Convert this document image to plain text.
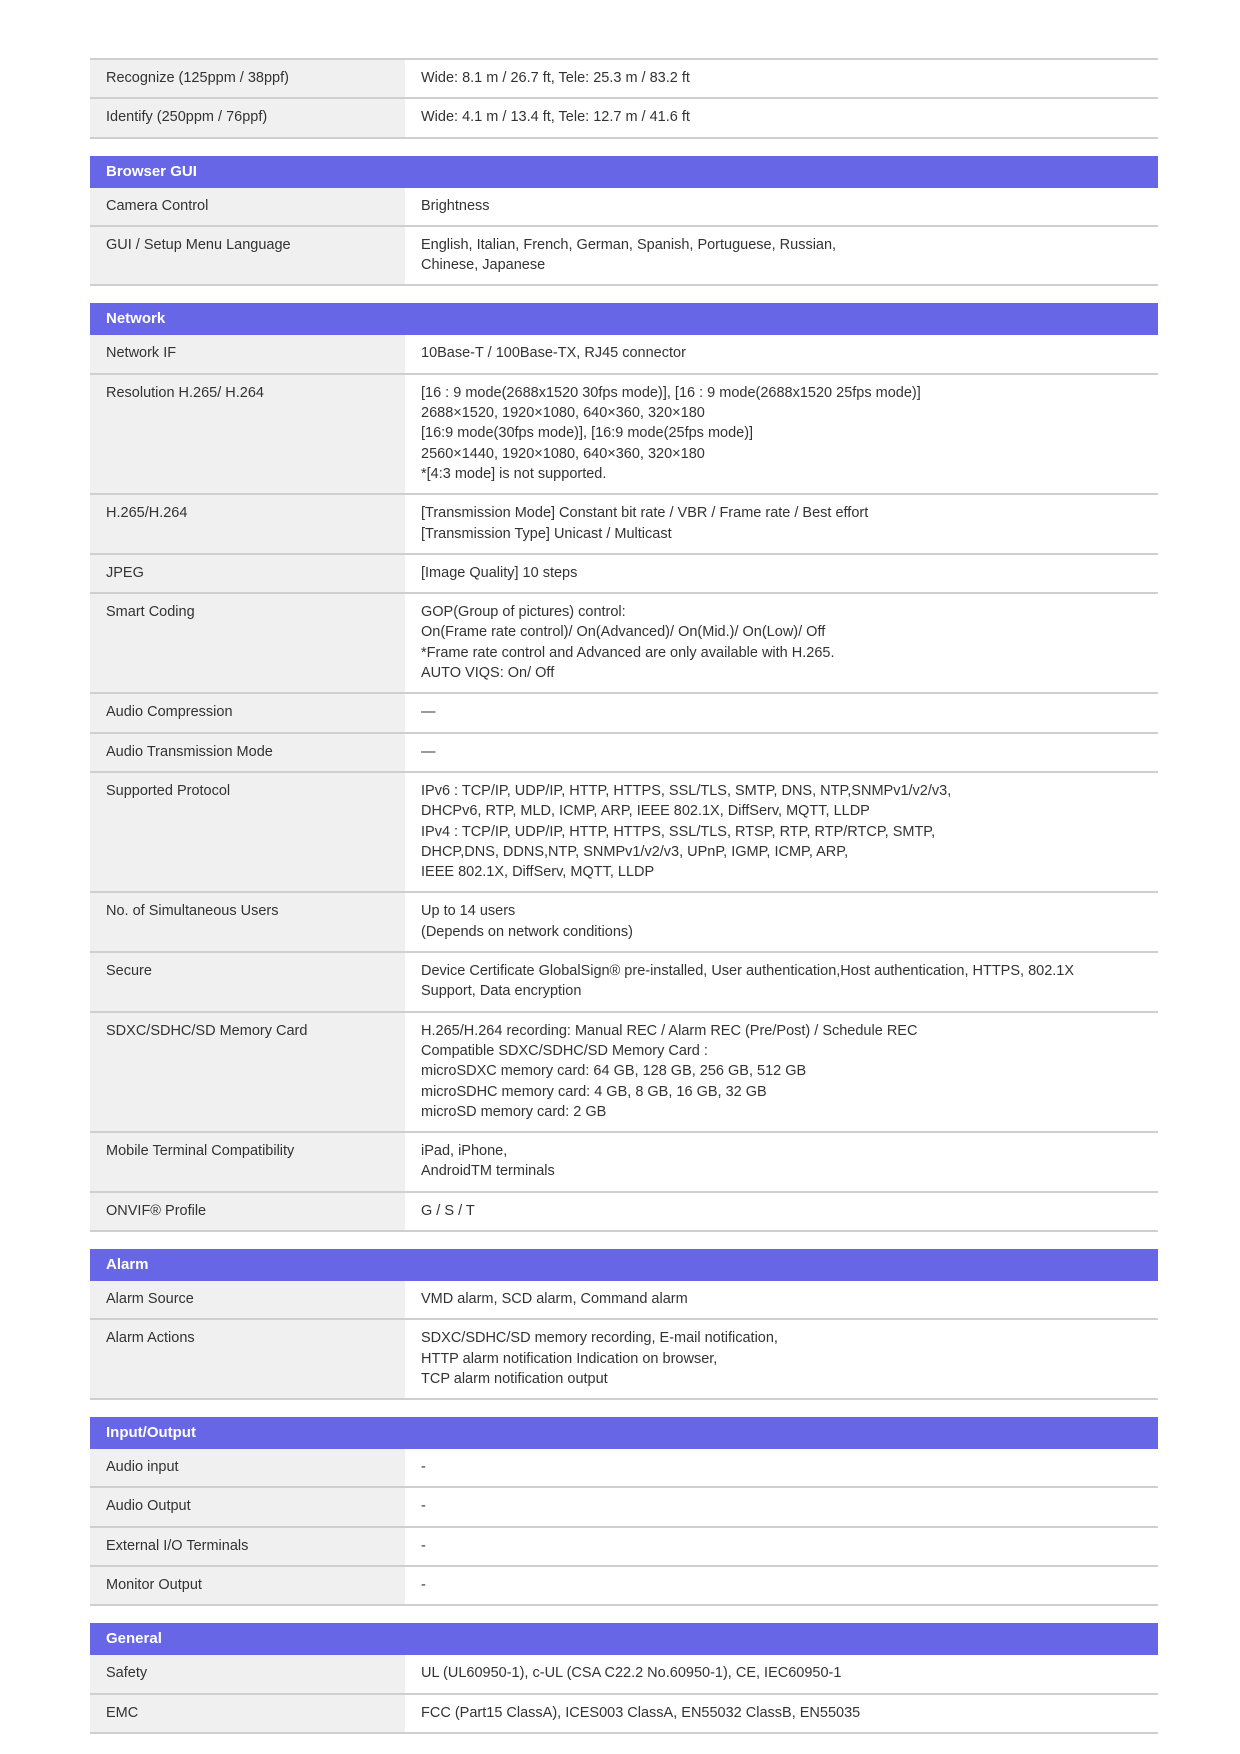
Recognize (125ppm / 38ppf)	Wide: 8.1 m / 26.7 ft, Tele: 25.3 m / 83.2 ft
Identify (250ppm / 76ppf)	Wide: 4.1 m / 13.4 ft, Tele: 12.7 m / 41.6 ft
Browser GUI
Camera Control	Brightness
GUI / Setup Menu Language	English, Italian, French, German, Spanish, Portuguese, Russian,
Chinese, Japanese
Network
Network IF	10Base-T / 100Base-TX, RJ45 connector
Resolution H.265/ H.264	[16 : 9 mode(2688x1520 30fps mode)], [16 : 9 mode(2688x1520 25fps mode)]
2688×1520, 1920×1080, 640×360, 320×180
[16:9 mode(30fps mode)], [16:9 mode(25fps mode)]
2560×1440, 1920×1080, 640×360, 320×180
*[4:3 mode] is not supported.
H.265/H.264	[Transmission Mode] Constant bit rate / VBR / Frame rate / Best effort
[Transmission Type] Unicast / Multicast
JPEG	[Image Quality] 10 steps
Smart Coding	GOP(Group of pictures) control:
On(Frame rate control)/ On(Advanced)/ On(Mid.)/ On(Low)/ Off
*Frame rate control and Advanced are only available with H.265.
AUTO VIQS: On/ Off
Audio Compression	—
Audio Transmission Mode	—
Supported Protocol	IPv6 : TCP/IP, UDP/IP, HTTP, HTTPS, SSL/TLS, SMTP, DNS, NTP,SNMPv1/v2/v3,
DHCPv6, RTP, MLD, ICMP, ARP, IEEE 802.1X, DiffServ, MQTT, LLDP
IPv4 : TCP/IP, UDP/IP, HTTP, HTTPS, SSL/TLS, RTSP, RTP, RTP/RTCP, SMTP,
DHCP,DNS, DDNS,NTP, SNMPv1/v2/v3, UPnP, IGMP, ICMP, ARP,
IEEE 802.1X, DiffServ, MQTT, LLDP
No. of Simultaneous Users	Up to 14 users
(Depends on network conditions)
Secure	Device Certificate GlobalSign® pre-installed, User authentication,Host authentication, HTTPS, 802.1X
Support, Data encryption
SDXC/SDHC/SD Memory Card	H.265/H.264 recording: Manual REC / Alarm REC (Pre/Post) / Schedule REC
Compatible SDXC/SDHC/SD Memory Card :
microSDXC memory card: 64 GB, 128 GB, 256 GB, 512 GB
microSDHC memory card: 4 GB, 8 GB, 16 GB, 32 GB
microSD memory card: 2 GB
Mobile Terminal Compatibility	iPad, iPhone,
AndroidTM terminals
ONVIF® Profile	G / S / T
Alarm
Alarm Source	VMD alarm, SCD alarm, Command alarm
Alarm Actions	SDXC/SDHC/SD memory recording, E-mail notification,
HTTP alarm notification Indication on browser,
TCP alarm notification output
Input/Output
Audio input	-
Audio Output	-
External I/O Terminals	-
Monitor Output	-
General
Safety	UL (UL60950-1), c-UL (CSA C22.2 No.60950-1), CE, IEC60950-1
EMC	FCC (Part15 ClassA), ICES003 ClassA, EN55032 ClassB, EN55035
